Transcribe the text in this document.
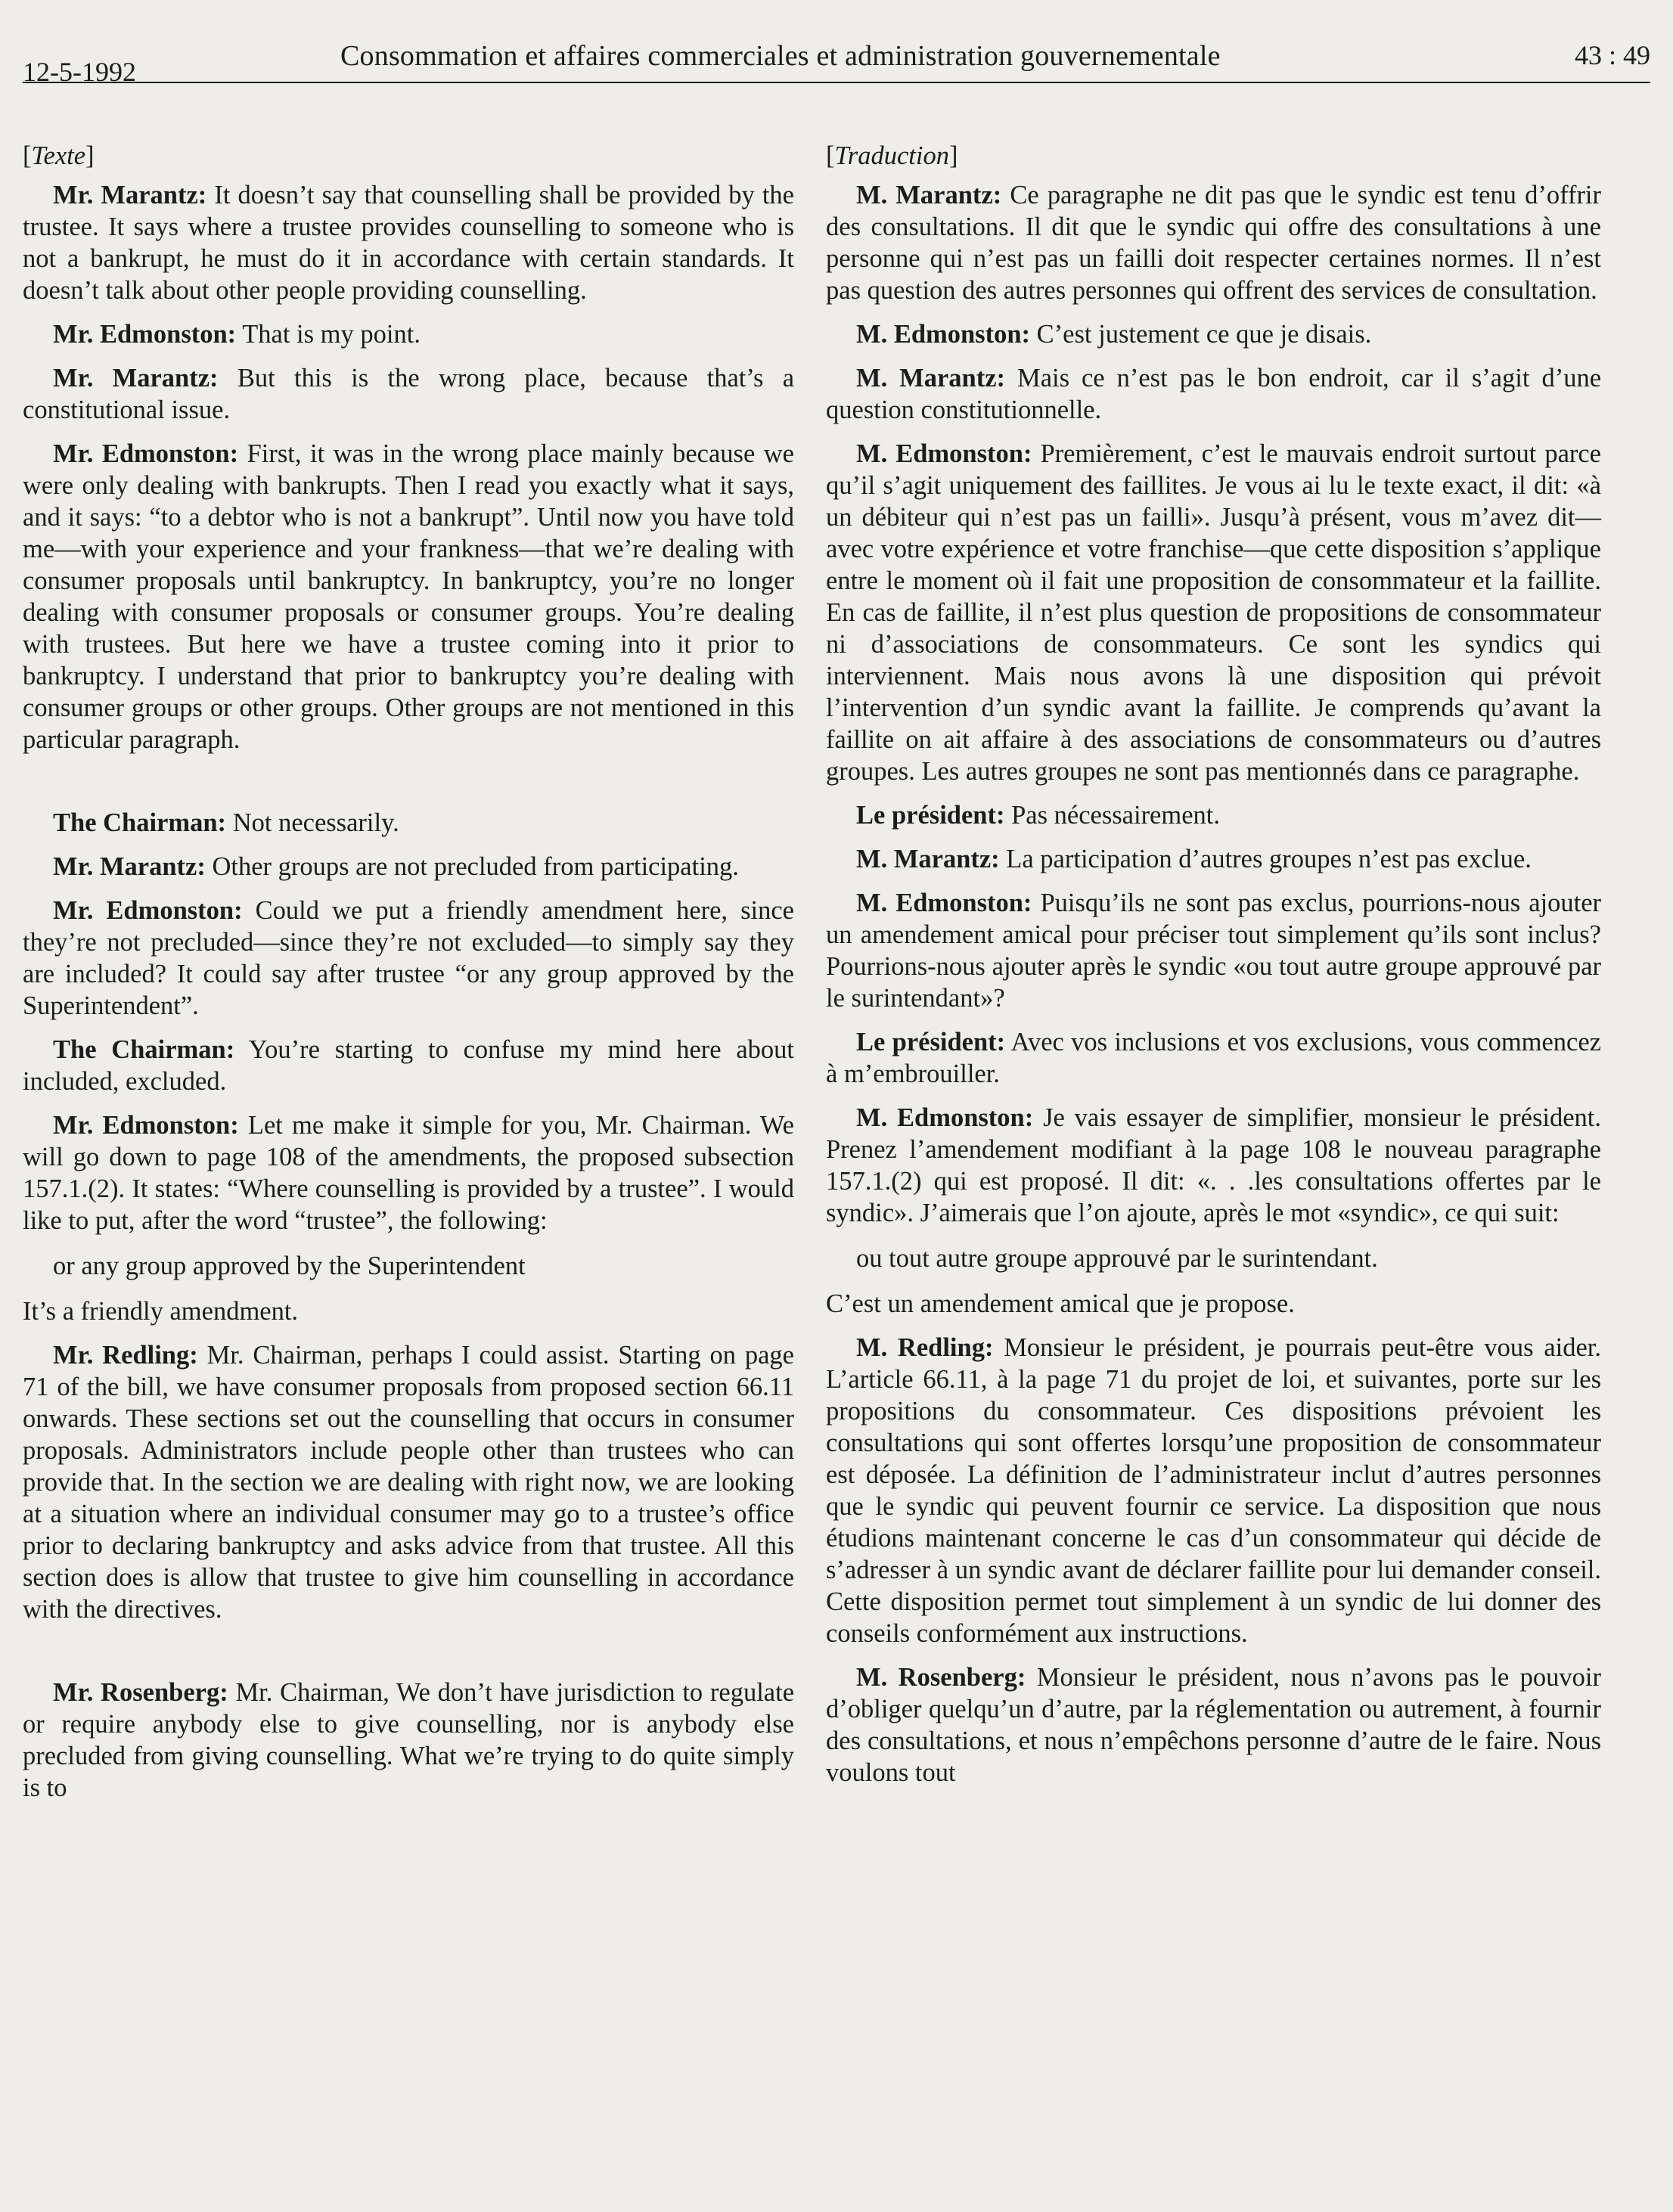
12-5-1992	Consommation et affaires commerciales et administration gouvernementale	43 : 49
[Texte]

Mr. Marantz: It doesn’t say that counselling shall be provided by the trustee. It says where a trustee provides counselling to someone who is not a bankrupt, he must do it in accordance with certain standards. It doesn’t talk about other people providing counselling.

Mr. Edmonston: That is my point.

Mr. Marantz: But this is the wrong place, because that’s a constitutional issue.

Mr. Edmonston: First, it was in the wrong place mainly because we were only dealing with bankrupts. Then I read you exactly what it says, and it says: “to a debtor who is not a bankrupt”. Until now you have told me—with your experience and your frankness—that we’re dealing with consumer proposals until bankruptcy. In bankruptcy, you’re no longer dealing with consumer proposals or consumer groups. You’re dealing with trustees. But here we have a trustee coming into it prior to bankruptcy. I understand that prior to bankruptcy you’re dealing with consumer groups or other groups. Other groups are not mentioned in this particular paragraph.

The Chairman: Not necessarily.

Mr. Marantz: Other groups are not precluded from participating.

Mr. Edmonston: Could we put a friendly amendment here, since they’re not precluded—since they’re not excluded—to simply say they are included? It could say after trustee “or any group approved by the Superintendent”.

The Chairman: You’re starting to confuse my mind here about included, excluded.

Mr. Edmonston: Let me make it simple for you, Mr. Chairman. We will go down to page 108 of the amendments, the proposed subsection 157.1.(2). It states: “Where counselling is provided by a trustee”. I would like to put, after the word “trustee”, the following:

or any group approved by the Superintendent

It’s a friendly amendment.

Mr. Redling: Mr. Chairman, perhaps I could assist. Starting on page 71 of the bill, we have consumer proposals from proposed section 66.11 onwards. These sections set out the counselling that occurs in consumer proposals. Administrators include people other than trustees who can provide that. In the section we are dealing with right now, we are looking at a situation where an individual consumer may go to a trustee’s office prior to declaring bankruptcy and asks advice from that trustee. All this section does is allow that trustee to give him counselling in accordance with the directives.

Mr. Rosenberg: Mr. Chairman, We don’t have jurisdiction to regulate or require anybody else to give counselling, nor is anybody else precluded from giving counselling. What we’re trying to do quite simply is to

[Traduction]

M. Marantz: Ce paragraphe ne dit pas que le syndic est tenu d’offrir des consultations. Il dit que le syndic qui offre des consultations à une personne qui n’est pas un failli doit respecter certaines normes. Il n’est pas question des autres personnes qui offrent des services de consultation.

M. Edmonston: C’est justement ce que je disais.

M. Marantz: Mais ce n’est pas le bon endroit, car il s’agit d’une question constitutionnelle.

M. Edmonston: Premièrement, c’est le mauvais endroit surtout parce qu’il s’agit uniquement des faillites. Je vous ai lu le texte exact, il dit: «à un débiteur qui n’est pas un failli». Jusqu’à présent, vous m’avez dit—avec votre expérience et votre franchise—que cette disposition s’applique entre le moment où il fait une proposition de consommateur et la faillite. En cas de faillite, il n’est plus question de propositions de consommateur ni d’associations de consommateurs. Ce sont les syndics qui interviennent. Mais nous avons là une disposition qui prévoit l’intervention d’un syndic avant la faillite. Je comprends qu’avant la faillite on ait affaire à des associations de consommateurs ou d’autres groupes. Les autres groupes ne sont pas mentionnés dans ce paragraphe.

Le président: Pas nécessairement.

M. Marantz: La participation d’autres groupes n’est pas exclue.

M. Edmonston: Puisqu’ils ne sont pas exclus, pourrions-nous ajouter un amendement amical pour préciser tout simplement qu’ils sont inclus? Pourrions-nous ajouter après le syndic «ou tout autre groupe approuvé par le surintendant»?

Le président: Avec vos inclusions et vos exclusions, vous commencez à m’embrouiller.

M. Edmonston: Je vais essayer de simplifier, monsieur le président. Prenez l’amendement modifiant à la page 108 le nouveau paragraphe 157.1.(2) qui est proposé. Il dit: «. . .les consultations offertes par le syndic». J’aimerais que l’on ajoute, après le mot «syndic», ce qui suit:

ou tout autre groupe approuvé par le surintendant.

C’est un amendement amical que je propose.

M. Redling: Monsieur le président, je pourrais peut-être vous aider. L’article 66.11, à la page 71 du projet de loi, et suivantes, porte sur les propositions du consommateur. Ces dispositions prévoient les consultations qui sont offertes lorsqu’une proposition de consommateur est déposée. La définition de l’administrateur inclut d’autres personnes que le syndic qui peuvent fournir ce service. La disposition que nous étudions maintenant concerne le cas d’un consommateur qui décide de s’adresser à un syndic avant de déclarer faillite pour lui demander conseil. Cette disposition permet tout simplement à un syndic de lui donner des conseils conformément aux instructions.

M. Rosenberg: Monsieur le président, nous n’avons pas le pouvoir d’obliger quelqu’un d’autre, par la réglementation ou autrement, à fournir des consultations, et nous n’empêchons personne d’autre de le faire. Nous voulons tout
